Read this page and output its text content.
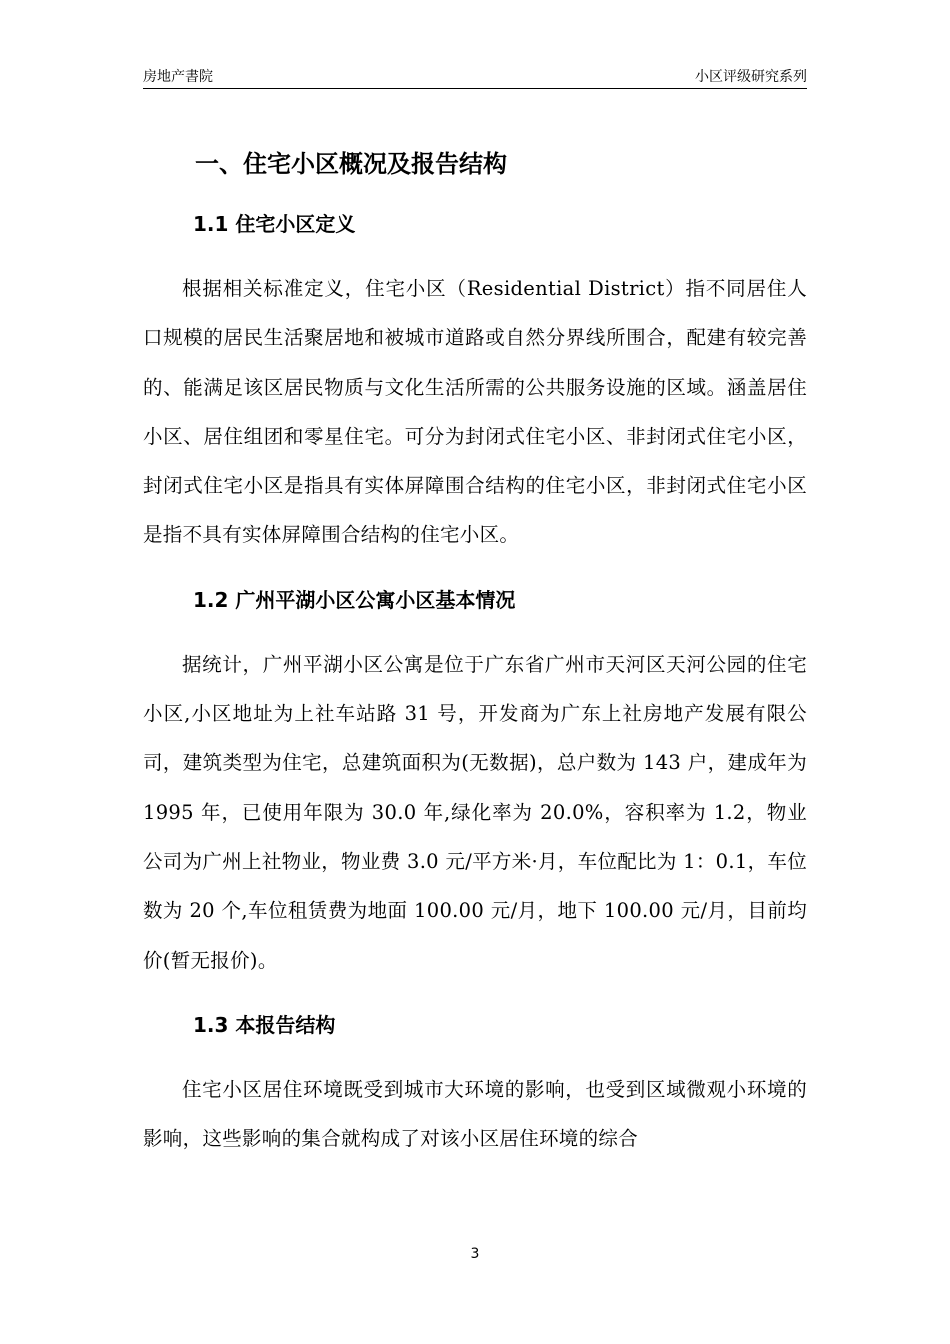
房地产書院	小区评级研究系列
一、住宅小区概况及报告结构
1.1 住宅小区定义

根据相关标准定义，住宅小区（Residential District）指不同居住人口规模的居民生活聚居地和被城市道路或自然分界线所围合，配建有较完善的、能满足该区居民物质与文化生活所需的公共服务设施的区域。涵盖居住小区、居住组团和零星住宅。可分为封闭式住宅小区、非封闭式住宅小区，封闭式住宅小区是指具有实体屏障围合结构的住宅小区，非封闭式住宅小区是指不具有实体屏障围合结构的住宅小区。

1.2 广州平湖小区公寓小区基本情况

据统计，广州平湖小区公寓是位于广东省广州市天河区天河公园的住宅小区,小区地址为上社车站路 31 号，开发商为广东上社房地产发展有限公司，建筑类型为住宅，总建筑面积为(无数据)，总户数为 143 户，建成年为 1995 年，已使用年限为 30.0 年,绿化率为 20.0%，容积率为 1.2，物业公司为广州上社物业，物业费 3.0 元/平方米·月，车位配比为 1：0.1，车位数为 20 个,车位租赁费为地面 100.00 元/月，地下 100.00 元/月，目前均价(暂无报价)。

1.3 本报告结构

住宅小区居住环境既受到城市大环境的影响，也受到区域微观小环境的影响，这些影响的集合就构成了对该小区居住环境的综合

3
